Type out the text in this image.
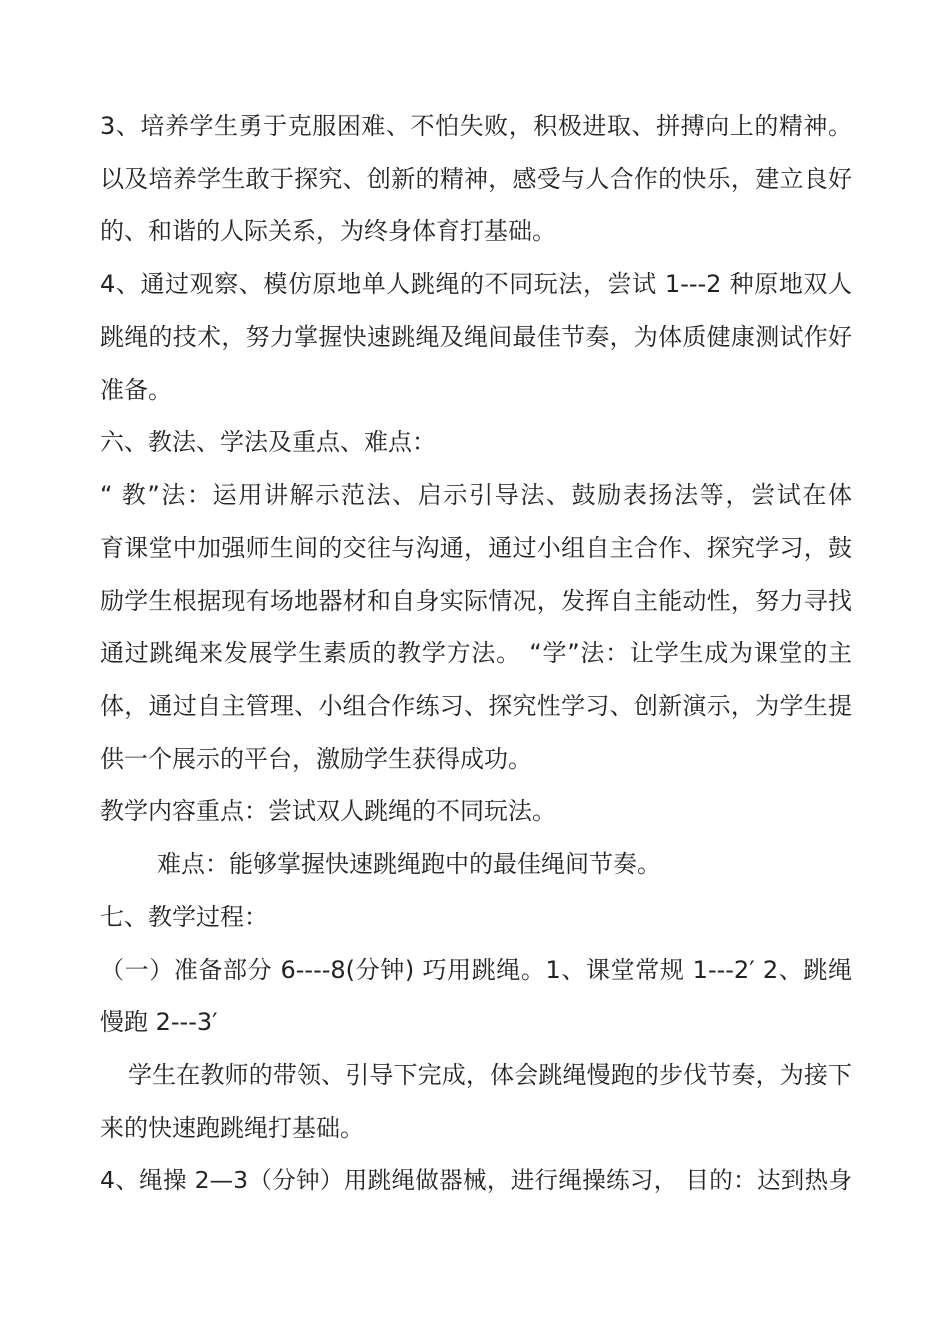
3、培养学生勇于克服困难、不怕失败，积极进取、拼搏向上的精神。
以及培养学生敢于探究、创新的精神，感受与人合作的快乐，建立良好
的、和谐的人际关系，为终身体育打基础。
4、通过观察、模仿原地单人跳绳的不同玩法，尝试 1---2 种原地双人
跳绳的技术，努力掌握快速跳绳及绳间最佳节奏，为体质健康测试作好
准备。
六、教法、学法及重点、难点：
“ 教”法：运用讲解示范法、启示引导法、鼓励表扬法等，尝试在体
育课堂中加强师生间的交往与沟通，通过小组自主合作、探究学习，鼓
励学生根据现有场地器材和自身实际情况，发挥自主能动性，努力寻找
通过跳绳来发展学生素质的教学方法。 “学”法：让学生成为课堂的主
体，通过自主管理、小组合作练习、探究性学习、创新演示，为学生提
供一个展示的平台，激励学生获得成功。
教学内容重点：尝试双人跳绳的不同玩法。
难点：能够掌握快速跳绳跑中的最佳绳间节奏。
七、教学过程：
（一）准备部分 6----8(分钟) 巧用跳绳。1、课堂常规 1---2′ 2、跳绳
慢跑 2---3′
学生在教师的带领、引导下完成，体会跳绳慢跑的步伐节奏，为接下
来的快速跑跳绳打基础。
4、绳操 2—3（分钟）用跳绳做器械，进行绳操练习， 目的：达到热身
